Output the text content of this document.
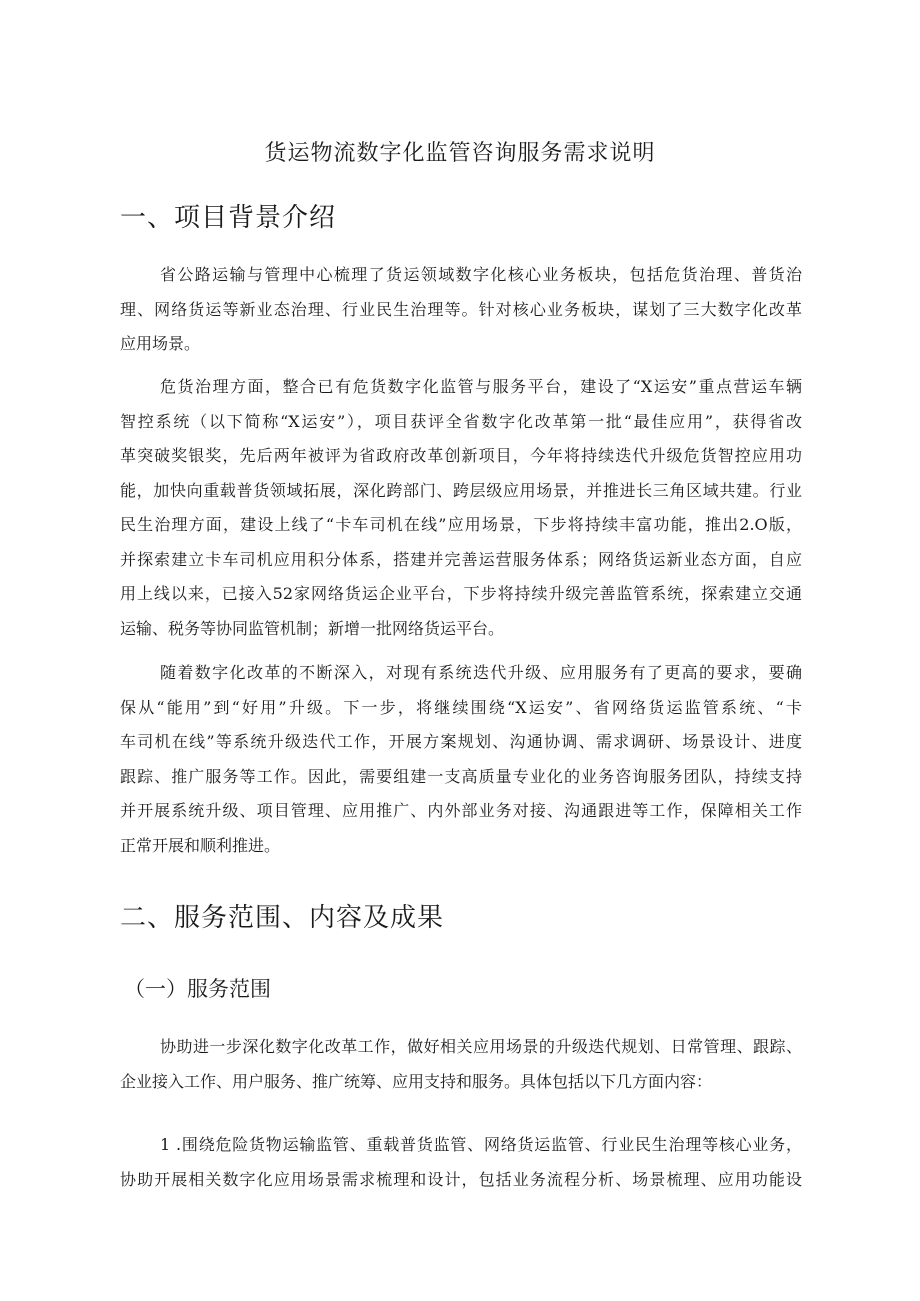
货运物流数字化监管咨询服务需求说明
一、项目背景介绍
省公路运输与管理中心梳理了货运领域数字化核心业务板块，包括危货治理、普货治
理、网络货运等新业态治理、行业民生治理等。针对核心业务板块，谋划了三大数字化改革
应用场景。
危货治理方面，整合已有危货数字化监管与服务平台，建设了“X运安”重点营运车辆
智控系统（以下简称“X运安”），项目获评全省数字化改革第一批“最佳应用”，获得省改
革突破奖银奖，先后两年被评为省政府改革创新项目，今年将持续迭代升级危货智控应用功
能，加快向重载普货领域拓展，深化跨部门、跨层级应用场景，并推进长三角区域共建。行业
民生治理方面，建设上线了“卡车司机在线”应用场景，下步将持续丰富功能，推出2.O版，
并探索建立卡车司机应用积分体系，搭建并完善运营服务体系；网络货运新业态方面，自应
用上线以来，已接入52家网络货运企业平台，下步将持续升级完善监管系统，探索建立交通
运输、税务等协同监管机制；新增一批网络货运平台。
随着数字化改革的不断深入，对现有系统迭代升级、应用服务有了更高的要求，要确
保从“能用”到“好用”升级。下一步，将继续围绕“X运安”、省网络货运监管系统、“卡
车司机在线”等系统升级迭代工作，开展方案规划、沟通协调、需求调研、场景设计、进度
跟踪、推广服务等工作。因此，需要组建一支高质量专业化的业务咨询服务团队，持续支持
并开展系统升级、项目管理、应用推广、内外部业务对接、沟通跟进等工作，保障相关工作
正常开展和顺利推进。
二、服务范围、内容及成果
（一）服务范围
协助进一步深化数字化改革工作，做好相关应用场景的升级迭代规划、日常管理、跟踪、
企业接入工作、用户服务、推广统筹、应用支持和服务。具体包括以下几方面内容：
1 .围绕危险货物运输监管、重载普货监管、网络货运监管、行业民生治理等核心业务，
协助开展相关数字化应用场景需求梳理和设计，包括业务流程分析、场景梳理、应用功能设
